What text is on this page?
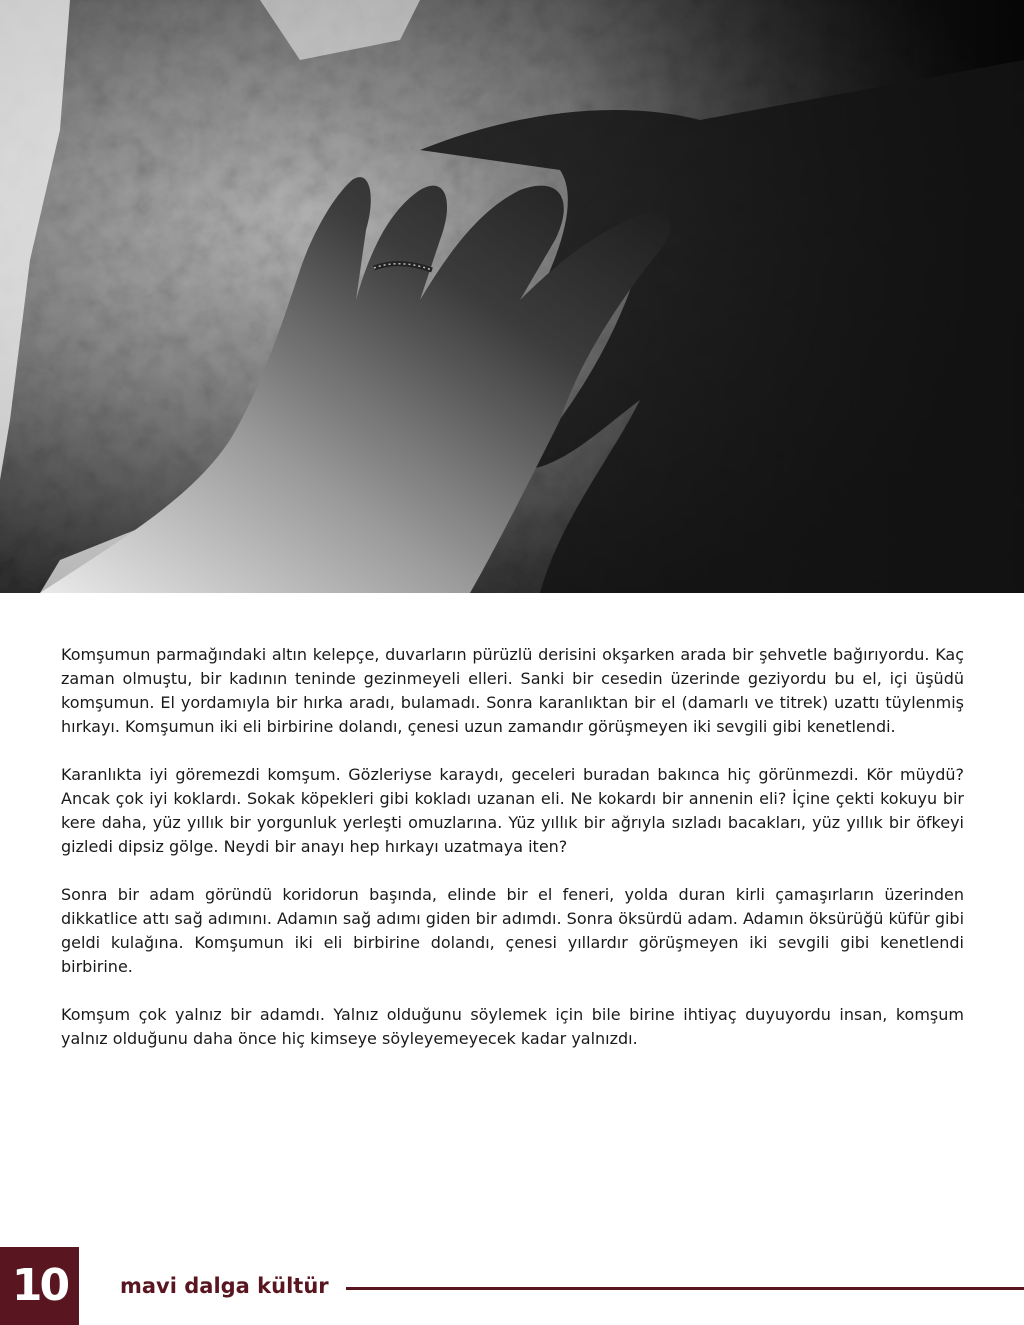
Komşumun parmağındaki altın kelepçe, duvarların pürüzlü derisini okşarken arada bir şehvetle bağırıyordu. Kaç zaman olmuştu, bir kadının teninde gezinmeyeli elleri. Sanki bir cesedin üzerinde geziyordu bu el, içi üşüdü komşumun. El yordamıyla bir hırka aradı, bulamadı. Sonra karanlıktan bir el (damarlı ve titrek) uzattı tüylenmiş hırkayı. Komşumun iki eli birbirine dolandı, çenesi uzun zamandır görüşmeyen iki sevgili gibi kenetlendi.

Karanlıkta iyi göremezdi komşum. Gözleriyse karaydı, geceleri buradan bakınca hiç görünmezdi. Kör müydü? Ancak çok iyi koklardı. Sokak köpekleri gibi kokladı uzanan eli. Ne kokardı bir annenin eli? İçine çekti kokuyu bir kere daha, yüz yıllık bir yorgunluk yerleşti omuzlarına. Yüz yıllık bir ağrıyla sızladı bacakları, yüz yıllık bir öfkeyi gizledi dipsiz gölge. Neydi bir anayı hep hırkayı uzatmaya iten?

Sonra bir adam göründü koridorun başında, elinde bir el feneri, yolda duran kirli çamaşırların üzerinden dikkatlice attı sağ adımını. Adamın sağ adımı giden bir adımdı. Sonra öksürdü adam. Adamın öksürüğü küfür gibi geldi kulağına. Komşumun iki eli birbirine dolandı, çenesi yıllardır görüşmeyen iki sevgili gibi kenetlendi birbirine.

Komşum çok yalnız bir adamdı. Yalnız olduğunu söylemek için bile birine ihtiyaç duyuyordu insan, komşum yalnız olduğunu daha önce hiç kimseye söyleyemeyecek kadar yalnızdı.

10	mavi dalga kültür
